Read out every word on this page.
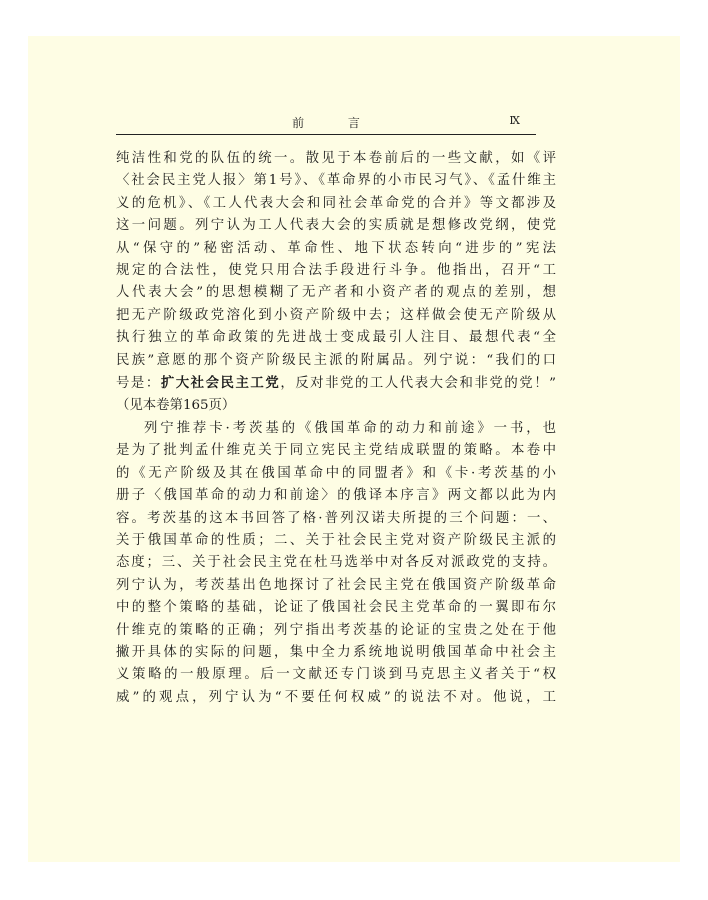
前 言	Ⅸ
纯洁性和党的队伍的统一。散见于本卷前后的一些文献，如《评
〈社会民主党人报〉第1号》、《革命界的小市民习气》、《孟什维主
义的危机》、《工人代表大会和同社会革命党的合并》等文都涉及
这一问题。列宁认为工人代表大会的实质就是想修改党纲，使党
从“保守的”秘密活动、革命性、地下状态转向“进步的”宪法
规定的合法性，使党只用合法手段进行斗争。他指出，召开“工
人代表大会”的思想模糊了无产者和小资产者的观点的差别，想
把无产阶级政党溶化到小资产阶级中去；这样做会使无产阶级从
执行独立的革命政策的先进战士变成最引人注目、最想代表“全
民族”意愿的那个资产阶级民主派的附属品。列宁说：“我们的口
号是：扩大社会民主工党，反对非党的工人代表大会和非党的党！”
（见本卷第165页）
列宁推荐卡·考茨基的《俄国革命的动力和前途》一书，也
是为了批判孟什维克关于同立宪民主党结成联盟的策略。本卷中
的《无产阶级及其在俄国革命中的同盟者》和《卡·考茨基的小
册子〈俄国革命的动力和前途〉的俄译本序言》两文都以此为内
容。考茨基的这本书回答了格·普列汉诺夫所提的三个问题：一、
关于俄国革命的性质；二、关于社会民主党对资产阶级民主派的
态度；三、关于社会民主党在杜马选举中对各反对派政党的支持。
列宁认为，考茨基出色地探讨了社会民主党在俄国资产阶级革命
中的整个策略的基础，论证了俄国社会民主党革命的一翼即布尔
什维克的策略的正确；列宁指出考茨基的论证的宝贵之处在于他
撇开具体的实际的问题，集中全力系统地说明俄国革命中社会主
义策略的一般原理。后一文献还专门谈到马克思主义者关于“权
威”的观点，列宁认为“不要任何权威”的说法不对。他说，工
